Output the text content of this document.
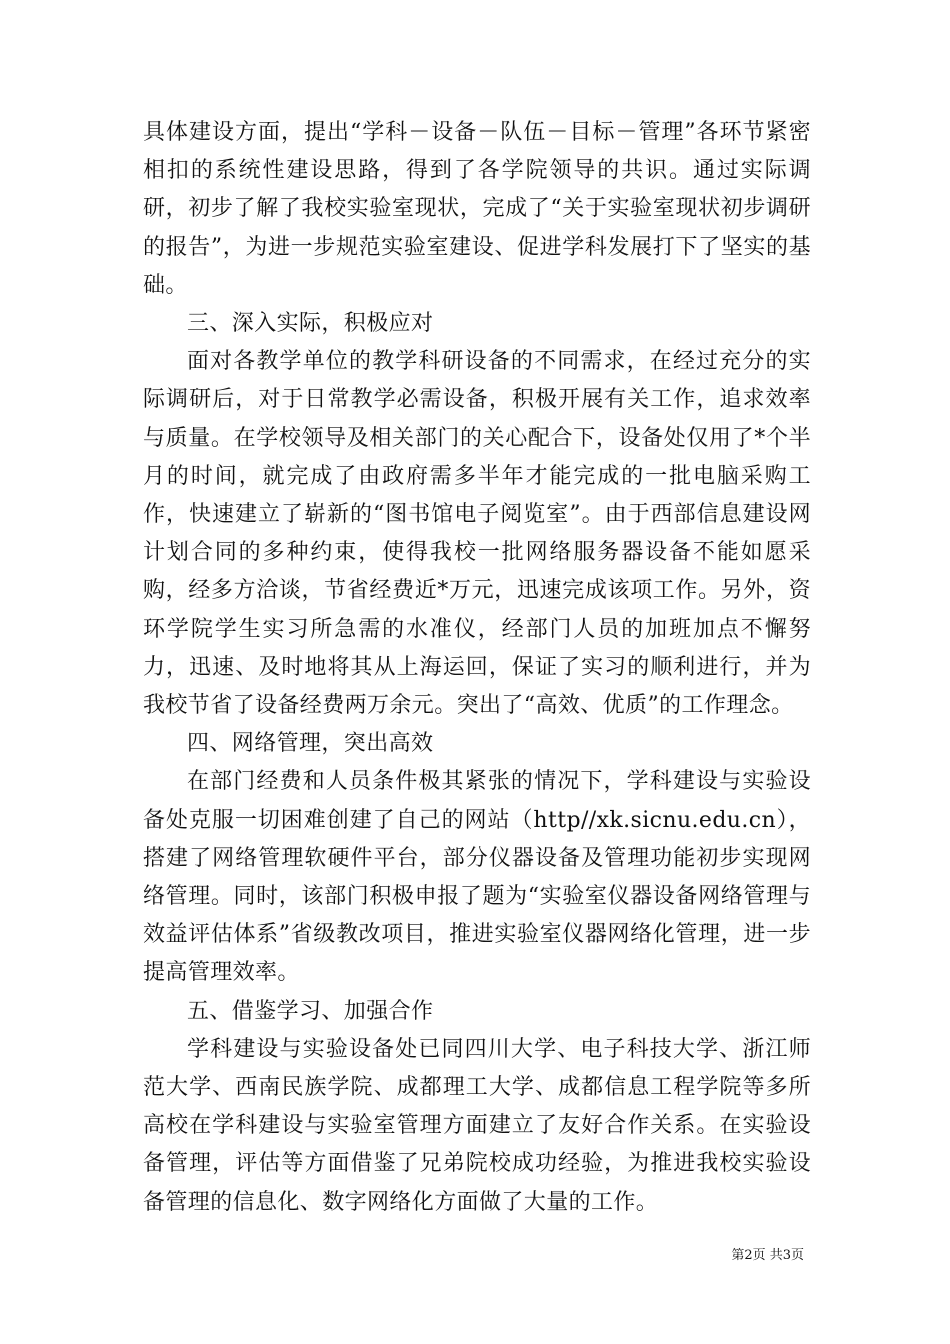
具体建设方面，提出“学科－设备－队伍－目标－管理”各环节紧密相扣的系统性建设思路，得到了各学院领导的共识。通过实际调研，初步了解了我校实验室现状，完成了“关于实验室现状初步调研的报告”，为进一步规范实验室建设、促进学科发展打下了坚实的基础。

三、深入实际，积极应对

面对各教学单位的教学科研设备的不同需求，在经过充分的实际调研后，对于日常教学必需设备，积极开展有关工作，追求效率与质量。在学校领导及相关部门的关心配合下，设备处仅用了*个半月的时间，就完成了由政府需多半年才能完成的一批电脑采购工作，快速建立了崭新的“图书馆电子阅览室”。由于西部信息建设网计划合同的多种约束，使得我校一批网络服务器设备不能如愿采购，经多方洽谈，节省经费近*万元，迅速完成该项工作。另外，资环学院学生实习所急需的水准仪，经部门人员的加班加点不懈努力，迅速、及时地将其从上海运回，保证了实习的顺利进行，并为我校节省了设备经费两万余元。突出了“高效、优质”的工作理念。

四、网络管理，突出高效

在部门经费和人员条件极其紧张的情况下，学科建设与实验设备处克服一切困难创建了自己的网站（http//xk.sicnu.edu.cn），搭建了网络管理软硬件平台，部分仪器设备及管理功能初步实现网络管理。同时，该部门积极申报了题为“实验室仪器设备网络管理与效益评估体系”省级教改项目，推进实验室仪器网络化管理，进一步提高管理效率。

五、借鉴学习、加强合作

学科建设与实验设备处已同四川大学、电子科技大学、浙江师范大学、西南民族学院、成都理工大学、成都信息工程学院等多所高校在学科建设与实验室管理方面建立了友好合作关系。在实验设备管理，评估等方面借鉴了兄弟院校成功经验，为推进我校实验设备管理的信息化、数字网络化方面做了大量的工作。

第2页 共3页
